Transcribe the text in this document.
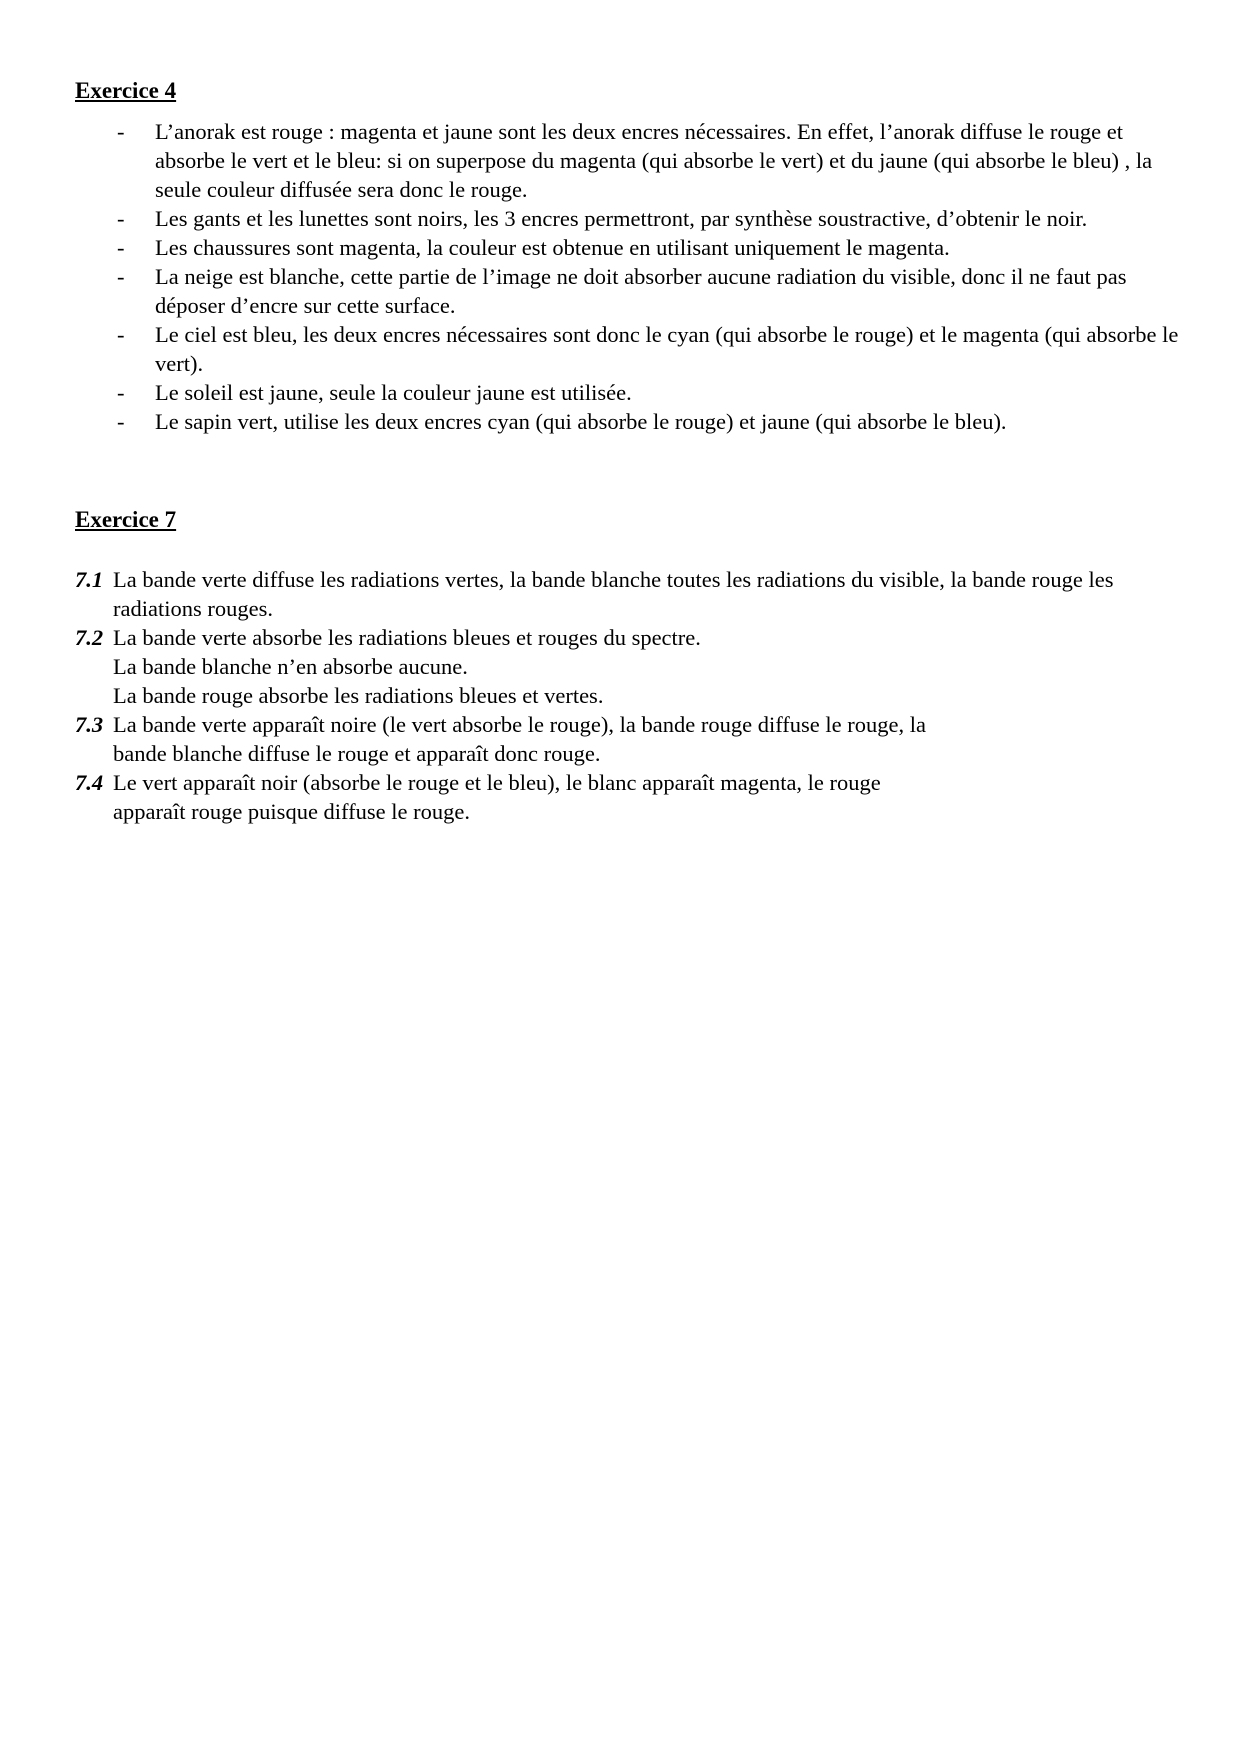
Exercice 4
- L’anorak est rouge : magenta et jaune sont les deux encres nécessaires. En effet, l’anorak diffuse le rouge et absorbe le vert et le bleu: si on superpose du magenta (qui absorbe le vert) et du jaune (qui absorbe le bleu) , la seule couleur diffusée sera donc le rouge.
- Les gants et les lunettes sont noirs, les 3 encres permettront, par synthèse soustractive, d’obtenir le noir.
- Les chaussures sont magenta, la couleur est obtenue en utilisant uniquement le magenta.
- La neige est blanche, cette partie de l’image ne doit absorber aucune radiation du visible, donc il ne faut pas déposer d’encre sur cette surface.
- Le ciel est bleu, les deux encres nécessaires sont donc le cyan (qui absorbe le rouge) et le magenta (qui absorbe le vert).
- Le soleil est jaune, seule la couleur jaune est utilisée.
- Le sapin vert, utilise les deux encres cyan (qui absorbe le rouge) et jaune (qui absorbe le bleu).
Exercice 7
7.1 La bande verte diffuse les radiations vertes, la bande blanche toutes les radiations du visible, la bande rouge les radiations rouges.
7.2 La bande verte absorbe les radiations bleues et rouges du spectre.
La bande blanche n’en absorbe aucune.
La bande rouge absorbe les radiations bleues et vertes.
7.3 La bande verte apparaît noire (le vert absorbe le rouge), la bande rouge diffuse le rouge, la
bande blanche diffuse le rouge et apparaît donc rouge.
7.4 Le vert apparaît noir (absorbe le rouge et le bleu), le blanc apparaît magenta, le rouge
apparaît rouge puisque diffuse le rouge.
